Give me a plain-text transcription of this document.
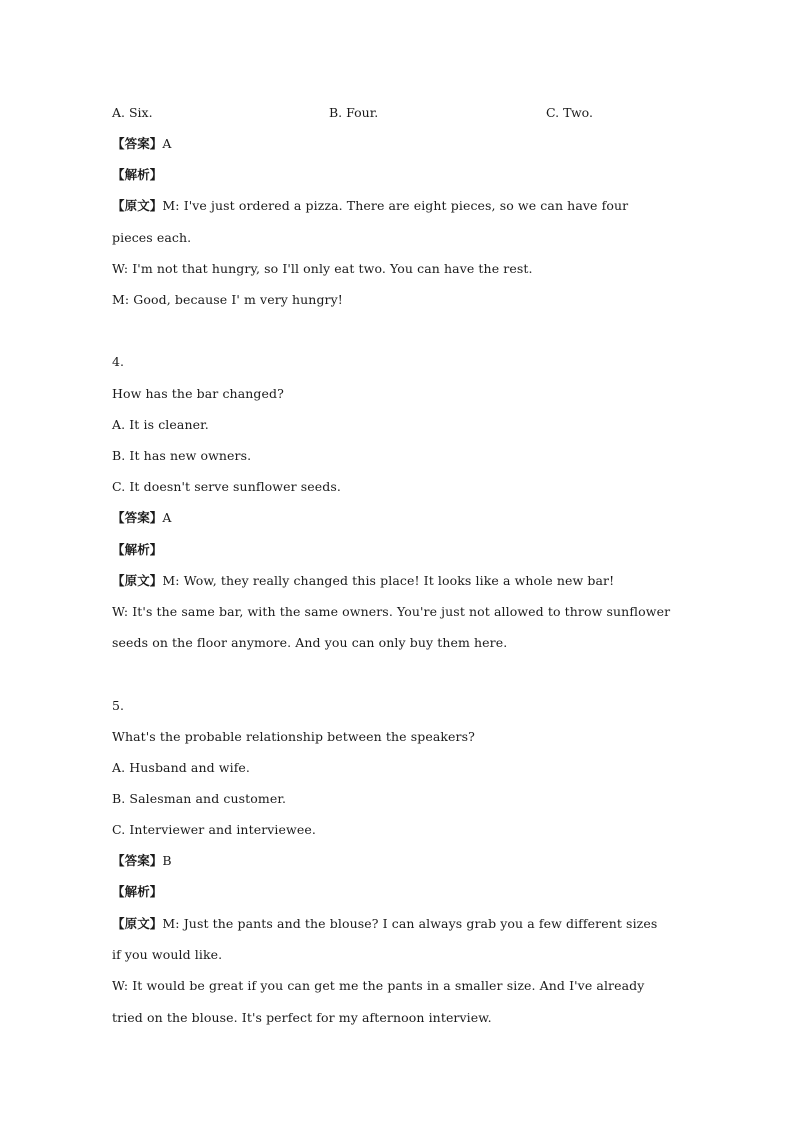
A. Six.	B. Four.	C. Two.
【答案】A
【解析】
【原文】M: I've just ordered a pizza. There are eight pieces, so we can have four
pieces each.
W: I'm not that hungry, so I'll only eat two. You can have the rest.
M: Good, because I' m very hungry!
4.
How has the bar changed?
A. It is cleaner.
B. It has new owners.
C. It doesn't serve sunflower seeds.
【答案】A
【解析】
【原文】M: Wow, they really changed this place! It looks like a whole new bar!
W: It's the same bar, with the same owners. You're just not allowed to throw sunflower
seeds on the floor anymore. And you can only buy them here.
5.
What's the probable relationship between the speakers?
A. Husband and wife.
B. Salesman and customer.
C. Interviewer and interviewee.
【答案】B
【解析】
【原文】M: Just the pants and the blouse? I can always grab you a few different sizes
if you would like.
W: It would be great if you can get me the pants in a smaller size. And I've already
tried on the blouse. It's perfect for my afternoon interview.
